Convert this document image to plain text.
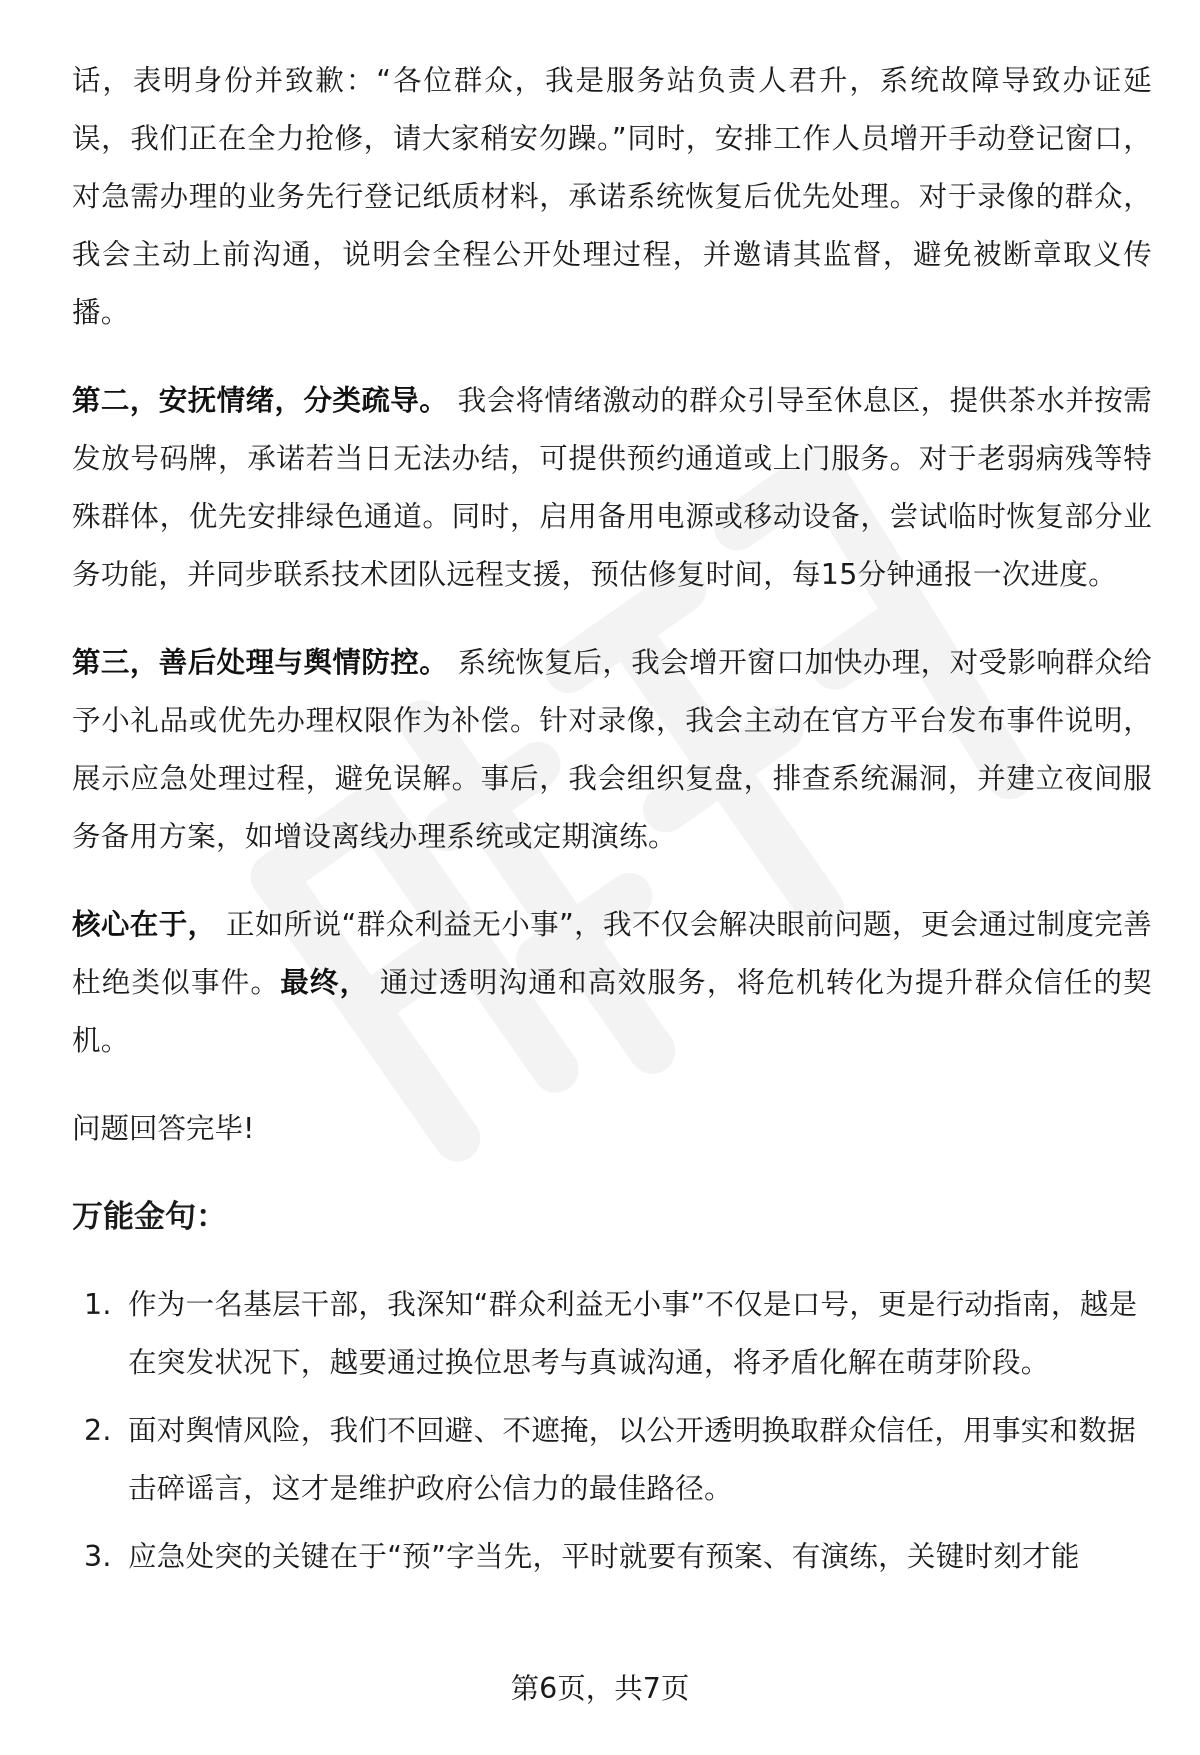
话，表明身份并致歉：“各位群众，我是服务站负责人君升，系统故障导致办证延误，我们正在全力抢修，请大家稍安勿躁。”同时，安排工作人员增开手动登记窗口，对急需办理的业务先行登记纸质材料，承诺系统恢复后优先处理。对于录像的群众，我会主动上前沟通，说明会全程公开处理过程，并邀请其监督，避免被断章取义传播。

第二，安抚情绪，分类疏导。 我会将情绪激动的群众引导至休息区，提供茶水并按需发放号码牌，承诺若当日无法办结，可提供预约通道或上门服务。对于老弱病残等特殊群体，优先安排绿色通道。同时，启用备用电源或移动设备，尝试临时恢复部分业务功能，并同步联系技术团队远程支援，预估修复时间，每15分钟通报一次进度。

第三，善后处理与舆情防控。 系统恢复后，我会增开窗口加快办理，对受影响群众给予小礼品或优先办理权限作为补偿。针对录像，我会主动在官方平台发布事件说明，展示应急处理过程，避免误解。事后，我会组织复盘，排查系统漏洞，并建立夜间服务备用方案，如增设离线办理系统或定期演练。

核心在于， 正如所说“群众利益无小事”，我不仅会解决眼前问题，更会通过制度完善杜绝类似事件。最终， 通过透明沟通和高效服务，将危机转化为提升群众信任的契机。

问题回答完毕!

万能金句：
1. 作为一名基层干部，我深知“群众利益无小事”不仅是口号，更是行动指南，越是在突发状况下，越要通过换位思考与真诚沟通，将矛盾化解在萌芽阶段。
2. 面对舆情风险，我们不回避、不遮掩，以公开透明换取群众信任，用事实和数据击碎谣言，这才是维护政府公信力的最佳路径。
3. 应急处突的关键在于“预”字当先，平时就要有预案、有演练，关键时刻才能
第6页，共7页
